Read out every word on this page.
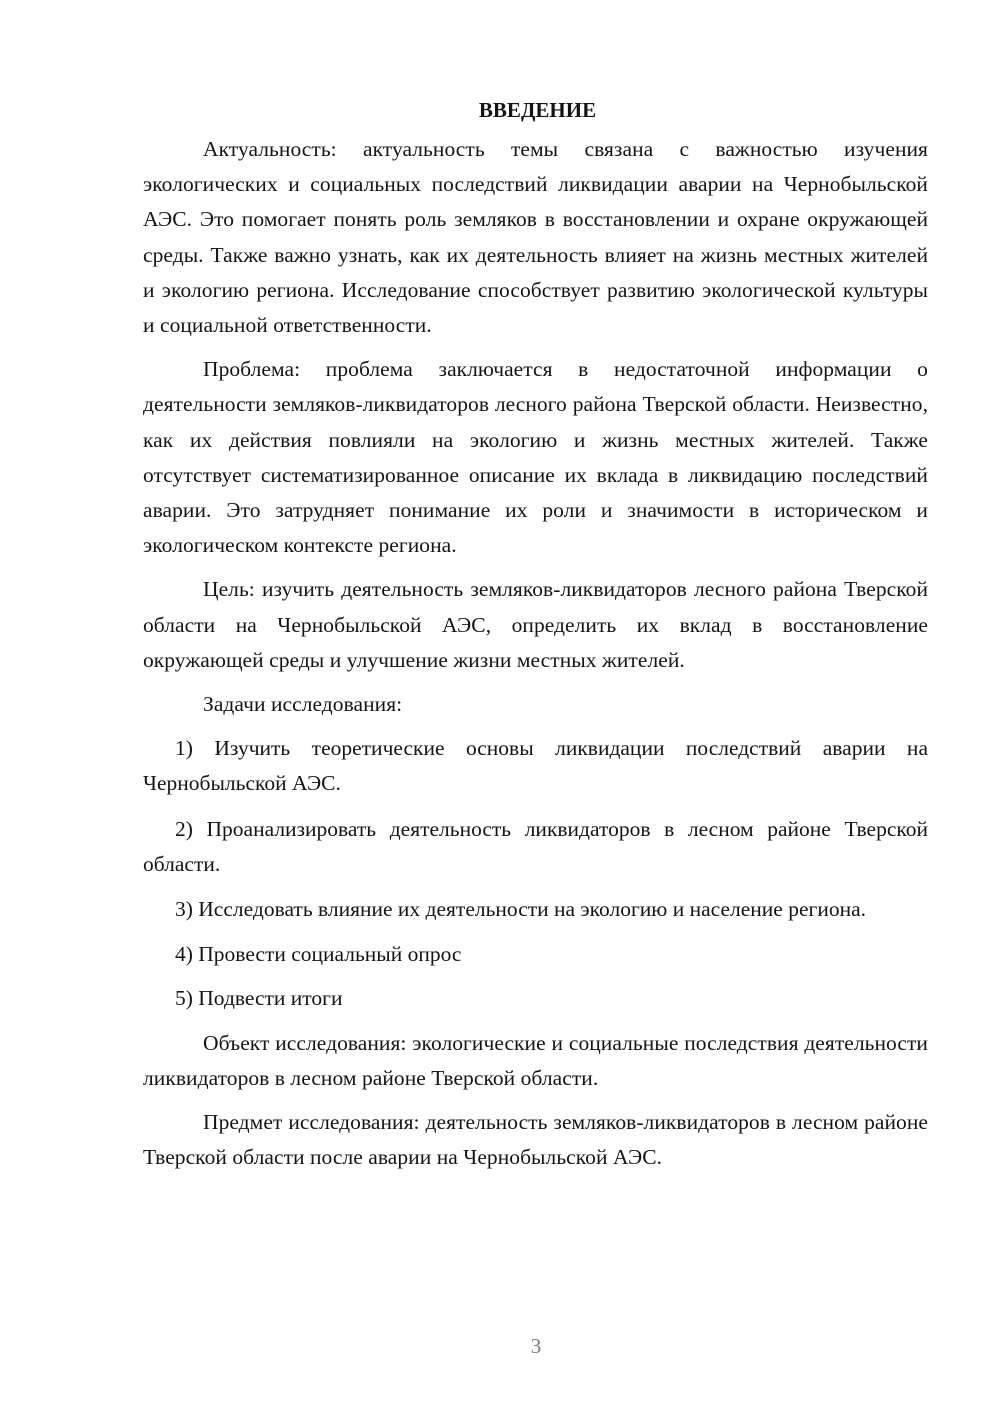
ВВЕДЕНИЕ

Актуальность: актуальность темы связана с важностью изучения экологических и социальных последствий ликвидации аварии на Чернобыльской АЭС. Это помогает понять роль земляков в восстановлении и охране окружающей среды. Также важно узнать, как их деятельность влияет на жизнь местных жителей и экологию региона. Исследование способствует развитию экологической культуры и социальной ответственности.

Проблема: проблема заключается в недостаточной информации о деятельности земляков-ликвидаторов лесного района Тверской области. Неизвестно, как их действия повлияли на экологию и жизнь местных жителей. Также отсутствует систематизированное описание их вклада в ликвидацию последствий аварии. Это затрудняет понимание их роли и значимости в историческом и экологическом контексте региона.

Цель: изучить деятельность земляков-ликвидаторов лесного района Тверской области на Чернобыльской АЭС, определить их вклад в восстановление окружающей среды и улучшение жизни местных жителей.

Задачи исследования:

1) Изучить теоретические основы ликвидации последствий аварии на Чернобыльской АЭС.

2) Проанализировать деятельность ликвидаторов в лесном районе Тверской области.

3) Исследовать влияние их деятельности на экологию и население региона.

4) Провести социальный опрос

5) Подвести итоги

Объект исследования: экологические и социальные последствия деятельности ликвидаторов в лесном районе Тверской области.

Предмет исследования: деятельность земляков-ликвидаторов в лесном районе Тверской области после аварии на Чернобыльской АЭС.

3
